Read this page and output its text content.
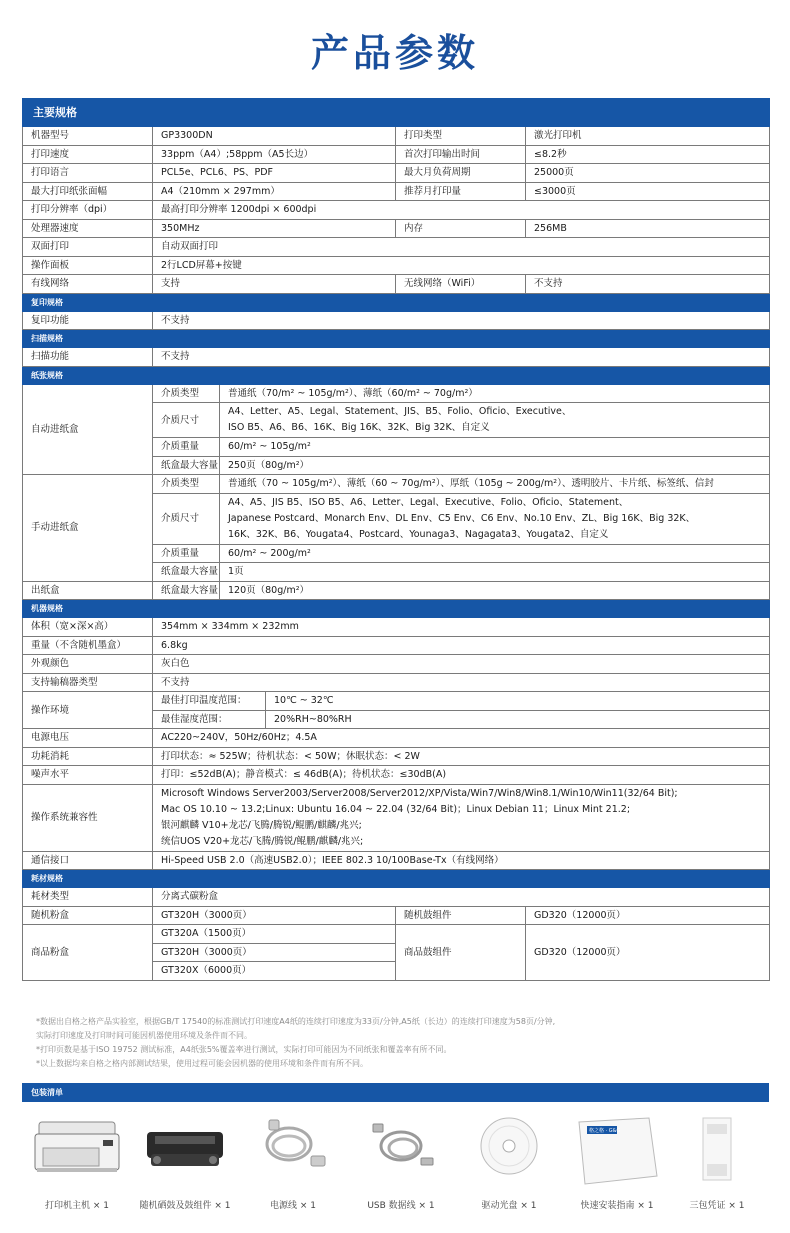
产品参数
主要规格					
机器型号	GP3300DN			打印类型	激光打印机
打印速度	33ppm（A4）;58ppm（A5长边）			首次打印输出时间	≤8.2秒
打印语言	PCL5e、PCL6、PS、PDF			最大月负荷周期	25000页
最大打印纸张面幅	A4（210mm × 297mm）			推荐月打印量	≤3000页
打印分辨率（dpi）	最高打印分辨率 1200dpi × 600dpi				
处理器速度	350MHz			内存	256MB
双面打印	自动双面打印				
操作面板	2行LCD屏幕+按键				
有线网络	支持			无线网络（WiFi）	不支持
复印规格					
复印功能	不支持				
扫描规格					
扫描功能	不支持				
纸张规格					
自动进纸盒	介质类型	普通纸（70/m² ~ 105g/m²）、薄纸（60/m² ~ 70g/m²）			
	介质尺寸	A4、Letter、A5、Legal、Statement、JIS、B5、Folio、Oficio、Executive、
ISO B5、A6、B6、16K、Big 16K、32K、Big 32K、自定义			

	介质重量	60/m² ~ 105g/m²			
	纸盒最大容量	250页（80g/m²）			
手动进纸盒	介质类型	普通纸（70 ~ 105g/m²）、薄纸（60 ~ 70g/m²）、厚纸（105g ~ 200g/m²）、透明胶片、卡片纸、标签纸、信封			
	介质尺寸	A4、A5、JIS B5、ISO B5、A6、Letter、Legal、Executive、Folio、Oficio、Statement、
Japanese Postcard、Monarch Env、DL Env、C5 Env、C6 Env、No.10 Env、ZL、Big 16K、Big 32K、
16K、32K、B6、Yougata4、Postcard、Younaga3、Nagagata3、Yougata2、自定义			

	介质重量	60/m² ~ 200g/m²			
	纸盒最大容量	1页			
出纸盒	纸盒最大容量	120页（80g/m²）			
机器规格					
体积（宽×深×高）	354mm × 334mm × 232mm				
重量（不含随机墨盒）	6.8kg				
外观颜色	灰白色				
支持输稿器类型	不支持				
操作环境	最佳打印温度范围：		10℃ ~ 32℃		
	最佳湿度范围：		20%RH~80%RH		
电源电压	AC220~240V，50Hz/60Hz；4.5A				
功耗消耗	打印状态：≈ 525W；待机状态：< 50W；休眠状态：< 2W				
噪声水平	打印：≤52dB(A)；静音模式：≤ 46dB(A)；待机状态：≤30dB(A)				
操作系统兼容性	Microsoft Windows Server2003/Server2008/Server2012/XP/Vista/Win7/Win8/Win8.1/Win10/Win11(32/64 Bit);
Mac OS 10.10 ~ 13.2;Linux: Ubuntu 16.04 ~ 22.04 (32/64 Bit)；Linux Debian 11；Linux Mint 21.2;
银河麒麟 V10+龙芯/飞腾/腾锐/鲲鹏/麒麟/兆兴;
统信UOS V20+龙芯/飞腾/腾锐/鲲鹏/麒麟/兆兴;				

通信接口	Hi-Speed USB 2.0（高速USB2.0）；IEEE 802.3 10/100Base-Tx（有线网络）				
耗材规格					
耗材类型	分离式碳粉盒				
随机粉盒	GT320H（3000页）			随机鼓组件	GD320（12000页）
商品粉盒	GT320A（1500页）			商品鼓组件	GD320（12000页）
	GT320H（3000页）				
	GT320X（6000页）				
*数据出自格之格产品实验室，根据GB/T 17540的标准测试打印速度A4纸的连续打印速度为33页/分钟,A5纸（长边）的连续打印速度为58页/分钟,
实际打印速度及打印时间可能因机器使用环境及条件而不同。
*打印页数是基于ISO 19752 测试标准，A4纸张5%覆盖率进行测试，实际打印可能因为不同纸张和覆盖率有所不同。
*以上数据均来自格之格内部测试结果，使用过程可能会因机器的使用环境和条件而有所不同。
包装清单
打印机主机 × 1	随机硒鼓及鼓组件 × 1	电源线 × 1	USB 数据线 × 1	驱动光盘 × 1
格之格 · G&G
快速安装指南 × 1	三包凭证 × 1
